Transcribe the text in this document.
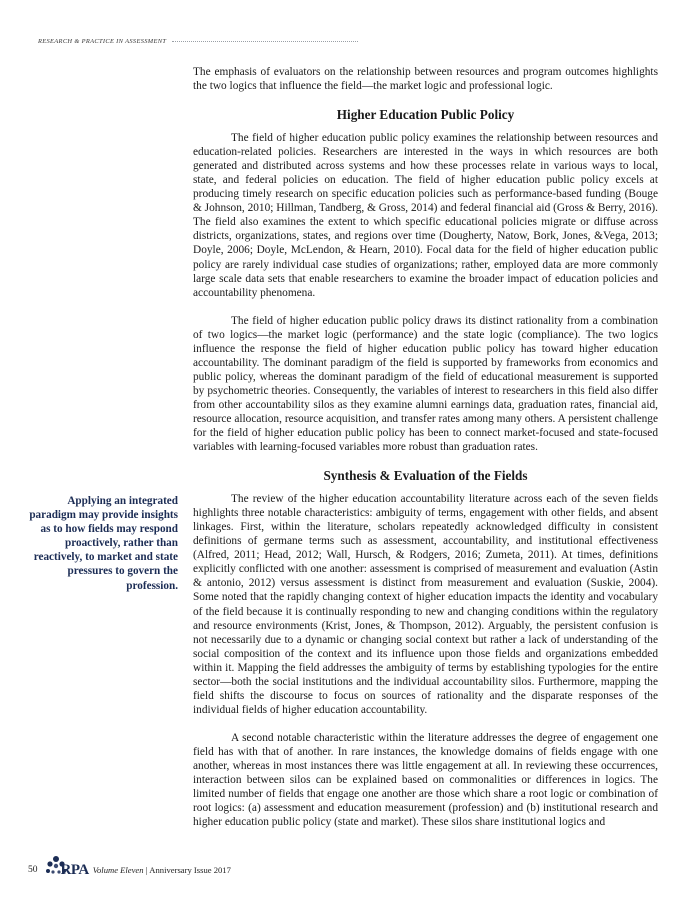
RESEARCH & PRACTICE IN ASSESSMENT

The emphasis of evaluators on the relationship between resources and program outcomes highlights the two logics that influence the field—the market logic and professional logic.

Higher Education Public Policy

The field of higher education public policy examines the relationship between resources and education-related policies. Researchers are interested in the ways in which resources are both generated and distributed across systems and how these processes relate in various ways to local, state, and federal policies on education. The field of higher education public policy excels at producing timely research on specific education policies such as performance-based funding (Bouge & Johnson, 2010; Hillman, Tandberg, & Gross, 2014) and federal financial aid (Gross & Berry, 2016). The field also examines the extent to which specific educational policies migrate or diffuse across districts, organizations, states, and regions over time (Dougherty, Natow, Bork, Jones, &Vega, 2013; Doyle, 2006; Doyle, McLendon, & Hearn, 2010). Focal data for the field of higher education public policy are rarely individual case studies of organizations; rather, employed data are more commonly large scale data sets that enable researchers to examine the broader impact of education policies and accountability phenomena.

The field of higher education public policy draws its distinct rationality from a combination of two logics—the market logic (performance) and the state logic (compliance). The two logics influence the response the field of higher education public policy has toward higher education accountability. The dominant paradigm of the field is supported by frameworks from economics and public policy, whereas the dominant paradigm of the field of educational measurement is supported by psychometric theories. Consequently, the variables of interest to researchers in this field also differ from other accountability silos as they examine alumni earnings data, graduation rates, financial aid, resource allocation, resource acquisition, and transfer rates among many others. A persistent challenge for the field of higher education public policy has been to connect market-focused and state-focused variables with learning-focused variables more robust than graduation rates.

Synthesis & Evaluation of the Fields

The review of the higher education accountability literature across each of the seven fields highlights three notable characteristics: ambiguity of terms, engagement with other fields, and absent linkages. First, within the literature, scholars repeatedly acknowledged difficulty in consistent definitions of germane terms such as assessment, accountability, and institutional effectiveness (Alfred, 2011; Head, 2012; Wall, Hursch, & Rodgers, 2016; Zumeta, 2011). At times, definitions explicitly conflicted with one another: assessment is comprised of measurement and evaluation (Astin & antonio, 2012) versus assessment is distinct from measurement and evaluation (Suskie, 2004). Some noted that the rapidly changing context of higher education impacts the identity and vocabulary of the field because it is continually responding to new and changing conditions within the regulatory and resource environments (Krist, Jones, & Thompson, 2012). Arguably, the persistent confusion is not necessarily due to a dynamic or changing social context but rather a lack of understanding of the social composition of the context and its influence upon those fields and organizations embedded within it. Mapping the field addresses the ambiguity of terms by establishing typologies for the entire sector—both the social institutions and the individual accountability silos. Furthermore, mapping the field shifts the discourse to focus on sources of rationality and the disparate responses of the individual fields of higher education accountability.

A second notable characteristic within the literature addresses the degree of engagement one field has with that of another. In rare instances, the knowledge domains of fields engage with one another, whereas in most instances there was little engagement at all. In reviewing these occurrences, interaction between silos can be explained based on commonalities or differences in logics. The limited number of fields that engage one another are those which share a root logic or combination of root logics: (a) assessment and education measurement (profession) and (b) institutional research and higher education public policy (state and market). These silos share institutional logics and

Applying an integrated paradigm may provide insights as to how fields may respond proactively, rather than reactively, to market and state pressures to govern the profession.
50 RPA Volume Eleven | Anniversary Issue 2017
